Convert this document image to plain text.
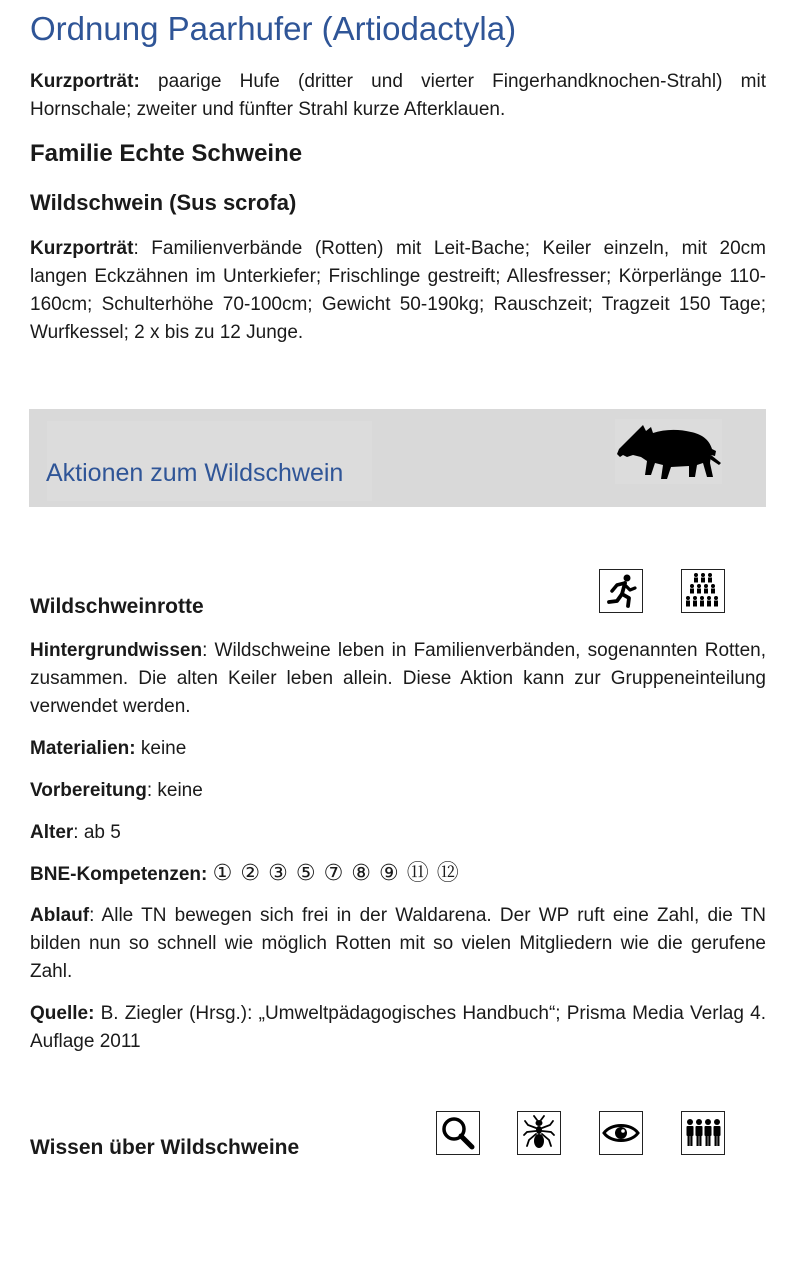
Ordnung Paarhufer (Artiodactyla)

Kurzporträt: paarige Hufe (dritter und vierter Fingerhandknochen-Strahl) mit Hornschale; zweiter und fünfter Strahl kurze Afterklauen.

Familie Echte Schweine
Wildschwein (Sus scrofa)

Kurzporträt: Familienverbände (Rotten) mit Leit-Bache; Keiler einzeln, mit 20cm langen Eckzähnen im Unterkiefer; Frischlinge gestreift; Allesfresser; Körperlänge 110-160cm; Schulterhöhe 70-100cm; Gewicht 50-190kg; Rauschzeit; Tragzeit 150 Tage; Wurfkessel; 2 x bis zu 12 Junge.

Aktionen zum Wildschwein
Wildschweinrotte

Hintergrundwissen: Wildschweine leben in Familienverbänden, sogenannten Rotten, zusammen. Die alten Keiler leben allein. Diese Aktion kann zur Gruppeneinteilung verwendet werden.

Materialien: keine

Vorbereitung: keine

Alter: ab 5

BNE-Kompetenzen: ① ② ③ ⑤ ⑦ ⑧ ⑨ ⑪ ⑫

Ablauf: Alle TN bewegen sich frei in der Waldarena. Der WP ruft eine Zahl, die TN bilden nun so schnell wie möglich Rotten mit so vielen Mitgliedern wie die gerufene Zahl.

Quelle: B. Ziegler (Hrsg.): „Umweltpädagogisches Handbuch“; Prisma Media Verlag 4. Auflage 2011

Wissen über Wildschweine
